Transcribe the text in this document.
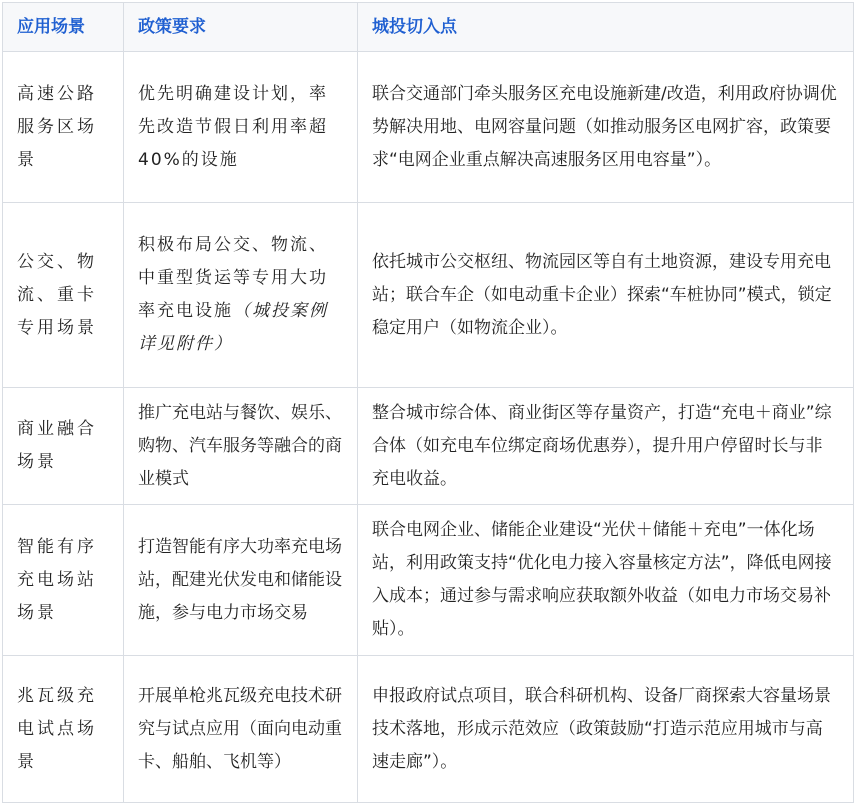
应用场景	政策要求	城投切入点
高速公路服务区场景	优先明确建设计划，率先改造节假日利用率超40%的设施	联合交通部门牵头服务区充电设施新建/改造，利用政府协调优势解决用地、电网容量问题（如推动服务区电网扩容，政策要求“电网企业重点解决高速服务区用电容量”）。
公交、物流、重卡专用场景	积极布局公交、物流、中重型货运等专用大功率充电设施（城投案例详见附件）	依托城市公交枢纽、物流园区等自有土地资源，建设专用充电站；联合车企（如电动重卡企业）探索“车桩协同”模式，锁定稳定用户（如物流企业）。
商业融合场景	推广充电站与餐饮、娱乐、购物、汽车服务等融合的商业模式	整合城市综合体、商业街区等存量资产，打造“充电＋商业”综合体（如充电车位绑定商场优惠券），提升用户停留时长与非充电收益。
智能有序充电场站场景	打造智能有序大功率充电场站，配建光伏发电和储能设施，参与电力市场交易	联合电网企业、储能企业建设“光伏＋储能＋充电”一体化场站，利用政策支持“优化电力接入容量核定方法”，降低电网接入成本；通过参与需求响应获取额外收益（如电力市场交易补贴）。
兆瓦级充电试点场景	开展单枪兆瓦级充电技术研究与试点应用（面向电动重卡、船舶、飞机等）	申报政府试点项目，联合科研机构、设备厂商探索大容量场景技术落地，形成示范效应（政策鼓励“打造示范应用城市与高速走廊”）。
